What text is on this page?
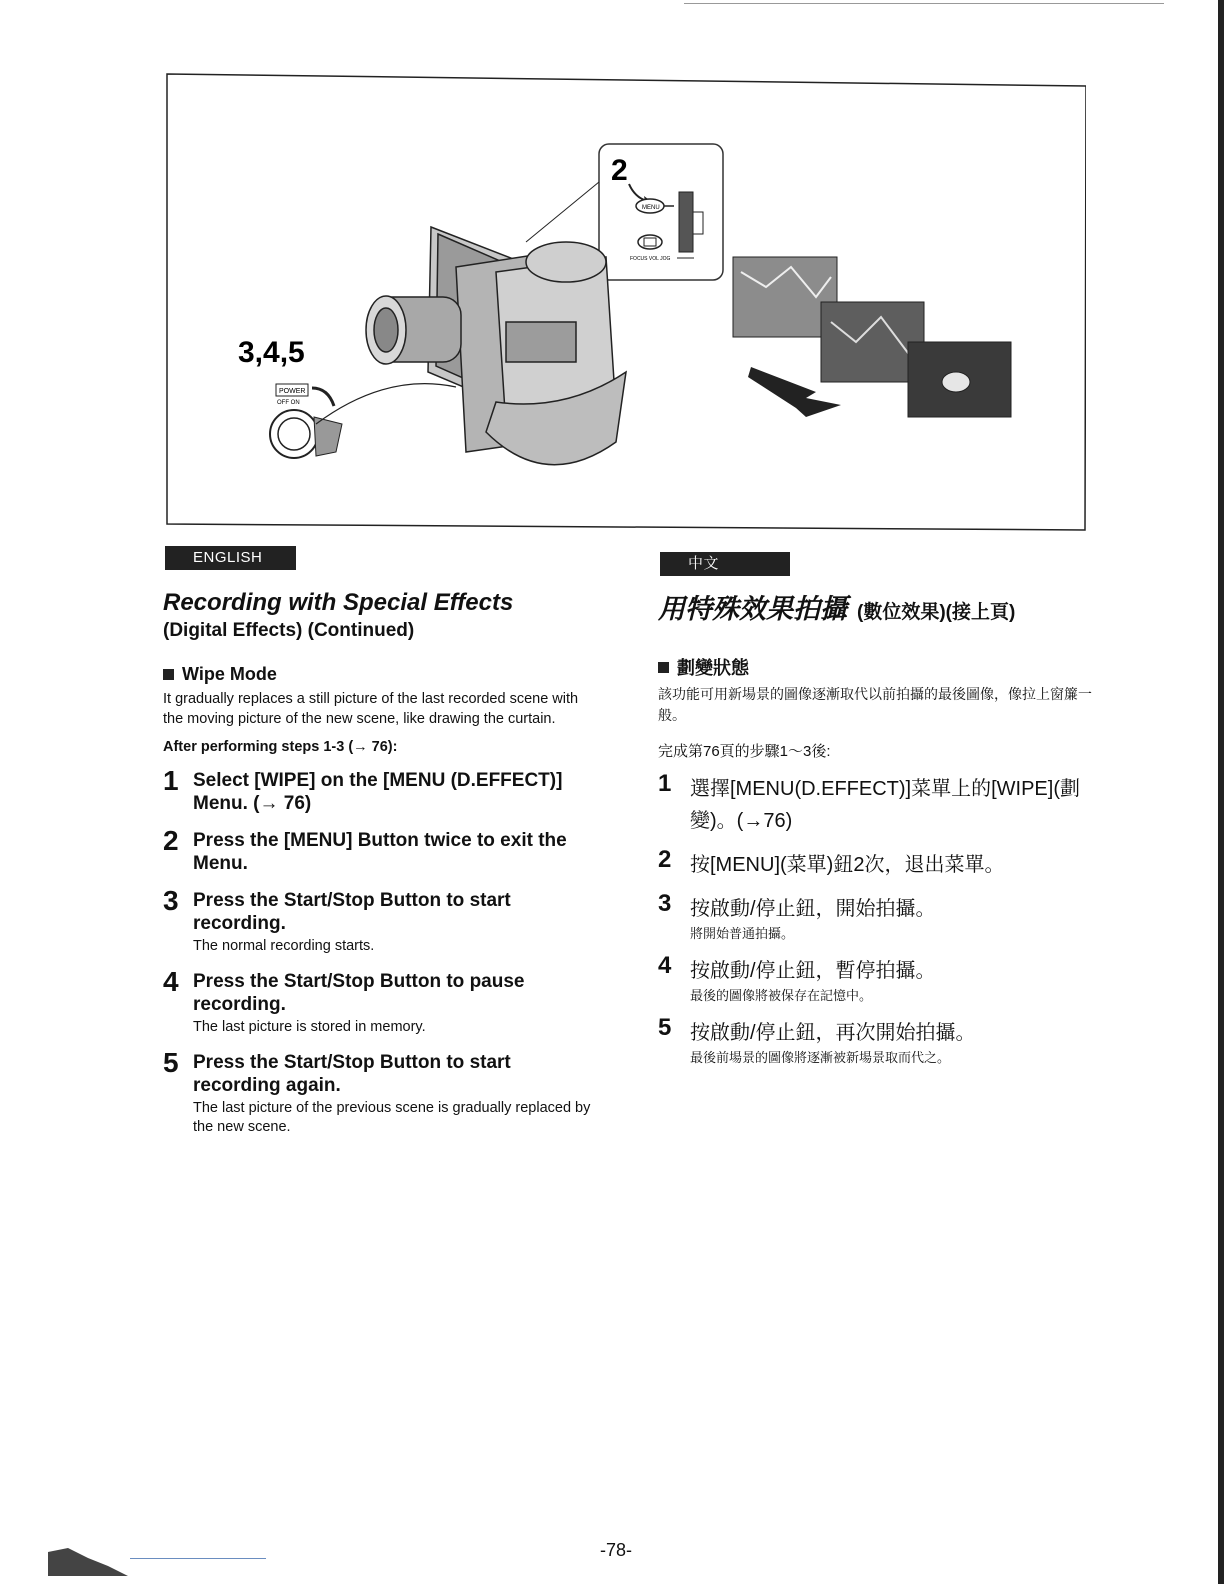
2
MENU
FOCUS VOL JOG
3,4,5
POWER
OFF ON
ENGLISH
Recording with Special Effects
(Digital Effects) (Continued)
Wipe Mode
It gradually replaces a still picture of the last recorded scene with the moving picture of the new scene, like drawing the curtain.
After performing steps 1-3 (→ 76):
1 Select [WIPE] on the [MENU (D.EFFECT)] Menu. (→ 76)
2 Press the [MENU] Button twice to exit the Menu.
3 Press the Start/Stop Button to start recording.
The normal recording starts.
4 Press the Start/Stop Button to pause recording.
The last picture is stored in memory.
5 Press the Start/Stop Button to start recording again.
The last picture of the previous scene is gradually replaced by the new scene.
中文
用特殊效果拍攝 (數位效果)(接上頁)
劃變狀態
該功能可用新場景的圖像逐漸取代以前拍攝的最後圖像，像拉上窗簾一般。
完成第76頁的步驟1～3後:
1 選擇[MENU(D.EFFECT)]菜單上的[WIPE](劃變)。(→76)
2 按[MENU](菜單)鈕2次，退出菜單。
3 按啟動/停止鈕，開始拍攝。
將開始普通拍攝。
4 按啟動/停止鈕，暫停拍攝。
最後的圖像將被保存在記憶中。
5 按啟動/停止鈕，再次開始拍攝。
最後前場景的圖像將逐漸被新場景取而代之。
-78-
